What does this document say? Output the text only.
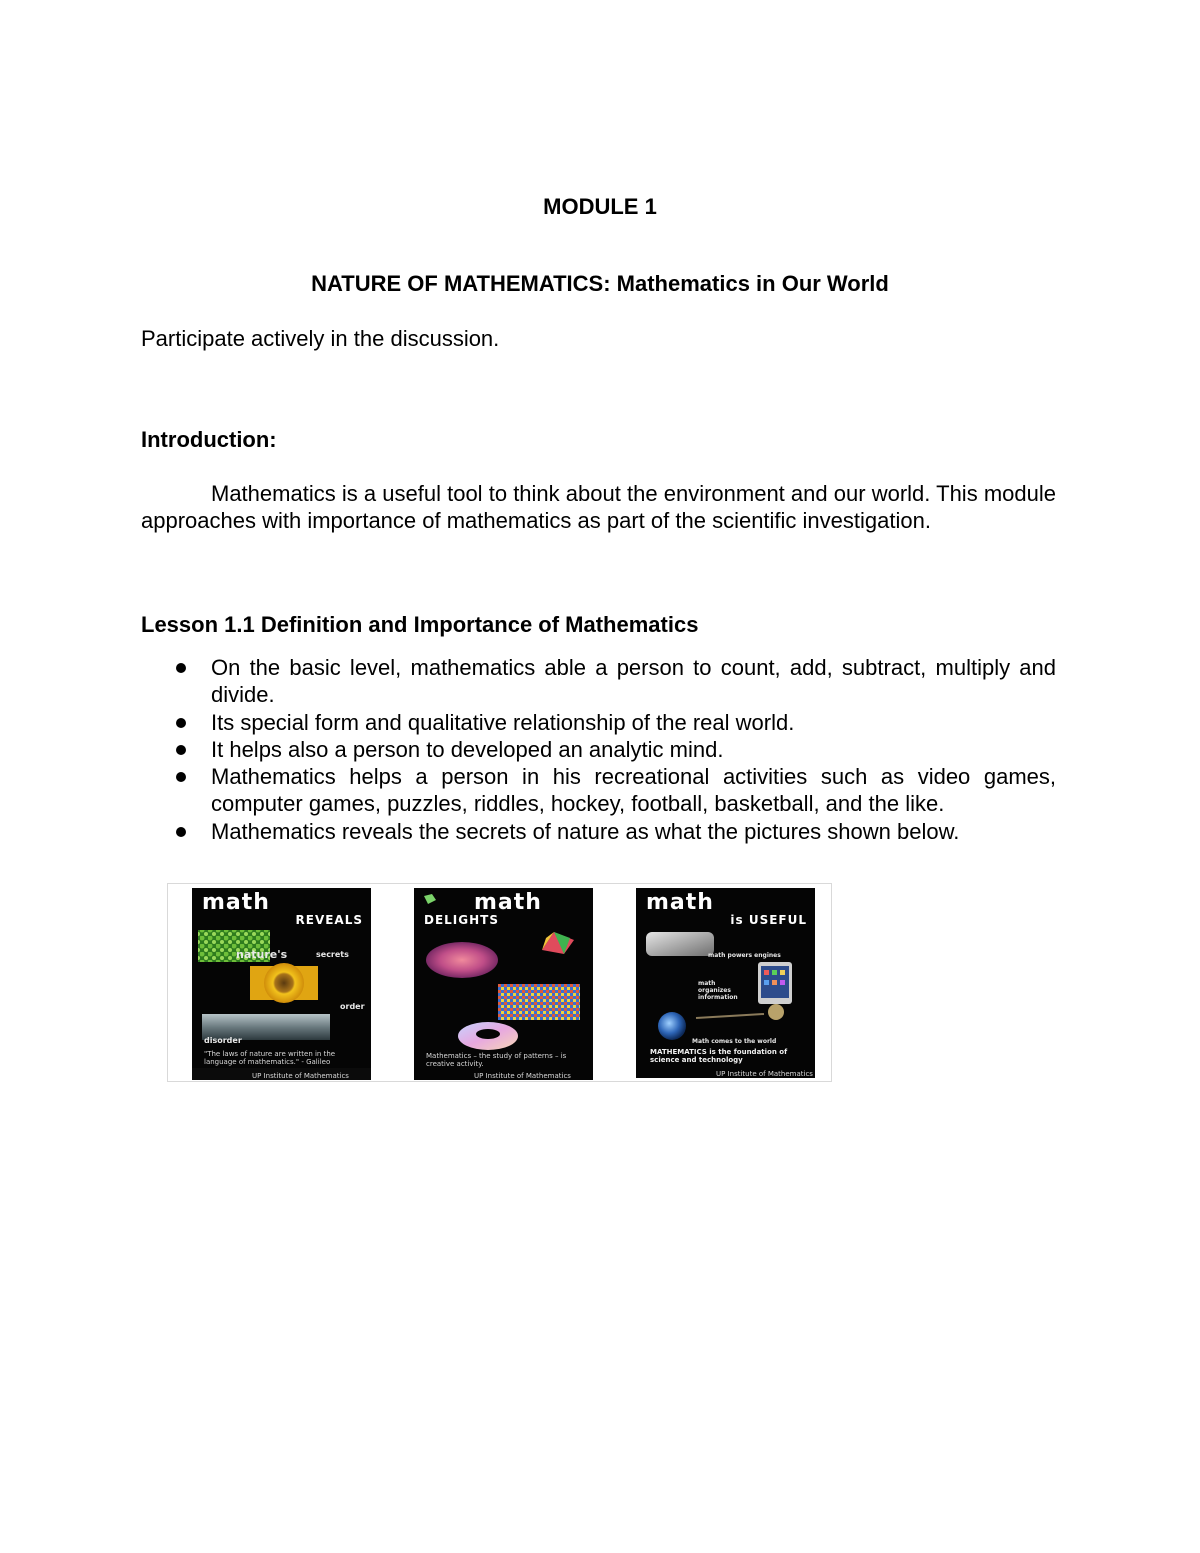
MODULE 1
NATURE OF MATHEMATICS: Mathematics in Our World
Participate actively in the discussion.
Introduction:

Mathematics is a useful tool to think about the environment and our world. This module approaches with importance of mathematics as part of the scientific investigation.

Lesson 1.1 Definition and Importance of Mathematics
On the basic level, mathematics able a person to count, add, subtract, multiply and divide.
Its special form and qualitative relationship of the real world.
It helps also a person to developed an analytic mind.
Mathematics helps a person in his recreational activities such as video games, computer games, puzzles, riddles, hockey, football, basketball, and the like.
Mathematics reveals the secrets of nature as what the pictures shown below.
math
REVEALS
nature's	secrets
order
disorder
"The laws of nature are written in the language of mathematics." - Galileo
UP Institute of Mathematics
math
DELIGHTS
Mathematics – the study of patterns – is creative activity.
UP Institute of Mathematics
math
is USEFUL
math powers engines
math organizes information
Math comes to the world
MATHEMATICS is the foundation of science and technology
UP Institute of Mathematics
